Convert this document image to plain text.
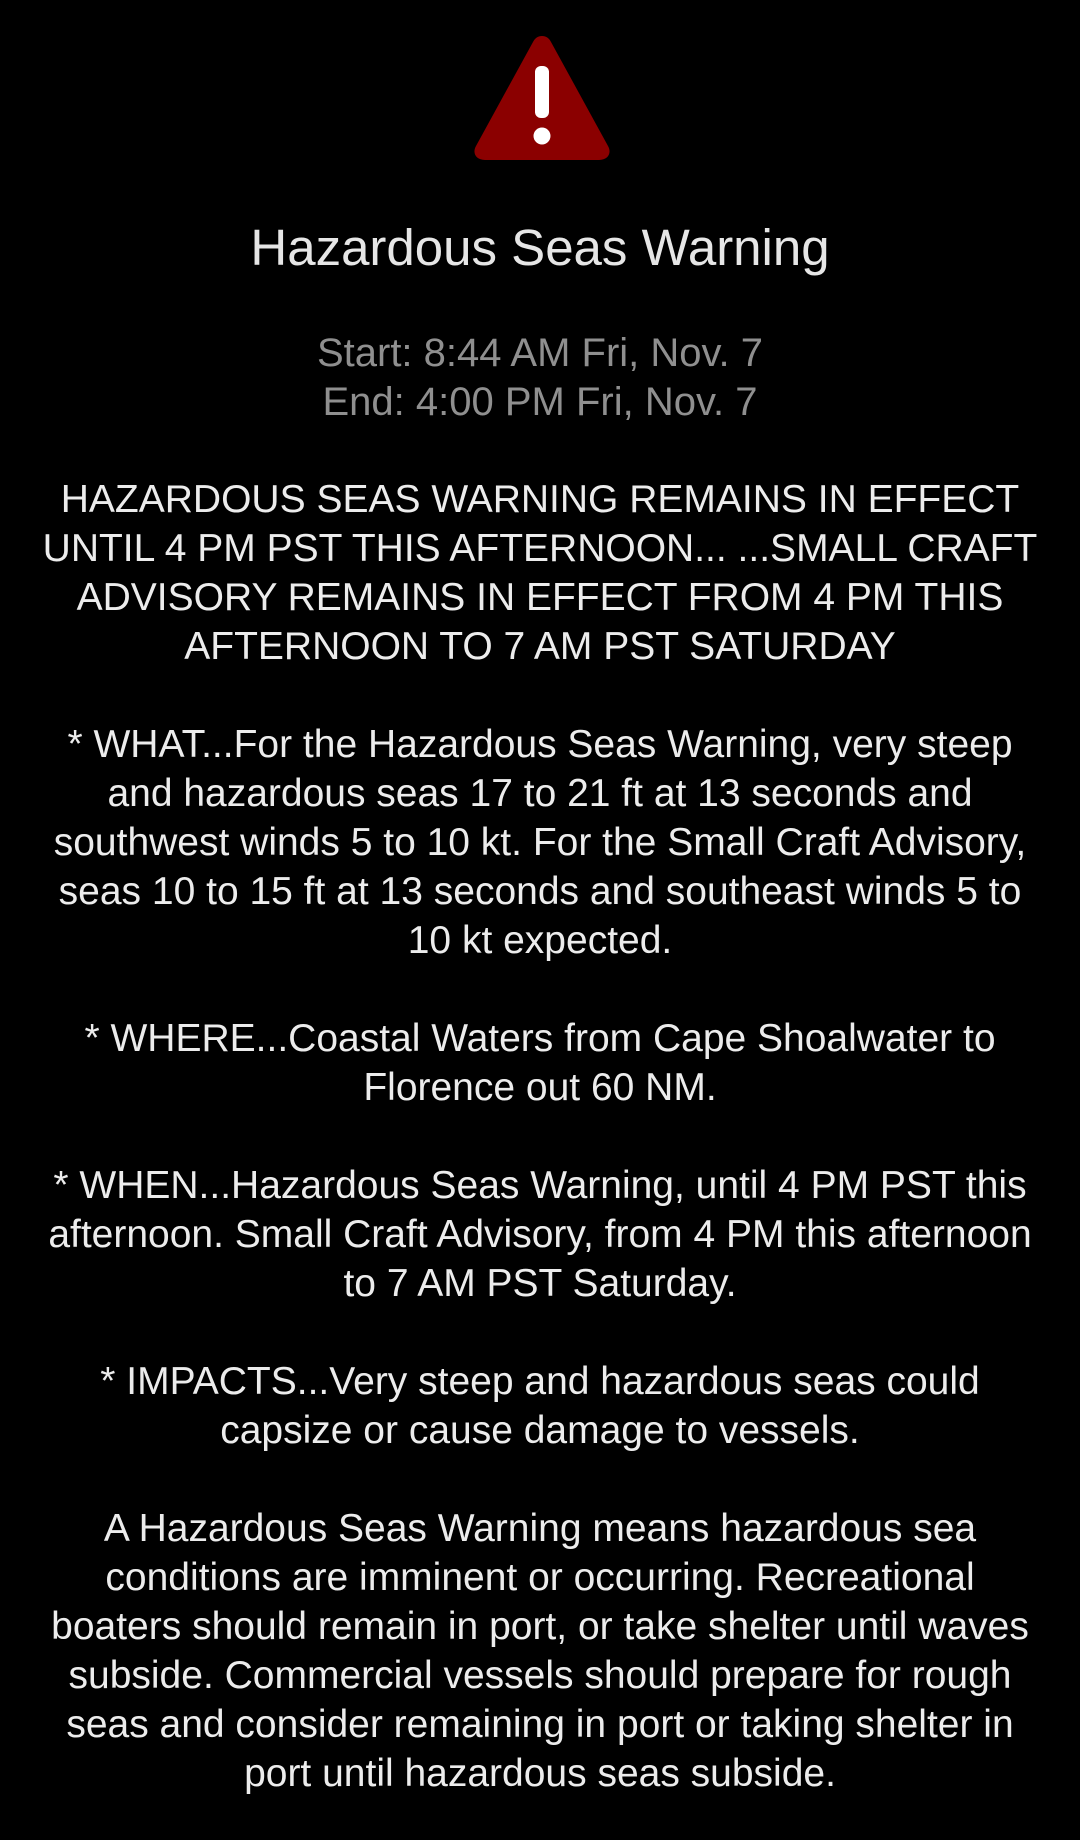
Hazardous Seas Warning
Start: 8:44 AM Fri, Nov. 7
End: 4:00 PM Fri, Nov. 7

HAZARDOUS SEAS WARNING REMAINS IN EFFECT UNTIL 4 PM PST THIS AFTERNOON... ...SMALL CRAFT ADVISORY REMAINS IN EFFECT FROM 4 PM THIS AFTERNOON TO 7 AM PST SATURDAY

* WHAT...For the Hazardous Seas Warning, very steep and hazardous seas 17 to 21 ft at 13 seconds and southwest winds 5 to 10 kt. For the Small Craft Advisory, seas 10 to 15 ft at 13 seconds and southeast winds 5 to 10 kt expected.

* WHERE...Coastal Waters from Cape Shoalwater to Florence out 60 NM.

* WHEN...Hazardous Seas Warning, until 4 PM PST this afternoon. Small Craft Advisory, from 4 PM this afternoon to 7 AM PST Saturday.

* IMPACTS...Very steep and hazardous seas could capsize or cause damage to vessels.

A Hazardous Seas Warning means hazardous sea conditions are imminent or occurring. Recreational boaters should remain in port, or take shelter until waves subside. Commercial vessels should prepare for rough seas and consider remaining in port or taking shelter in port until hazardous seas subside.
